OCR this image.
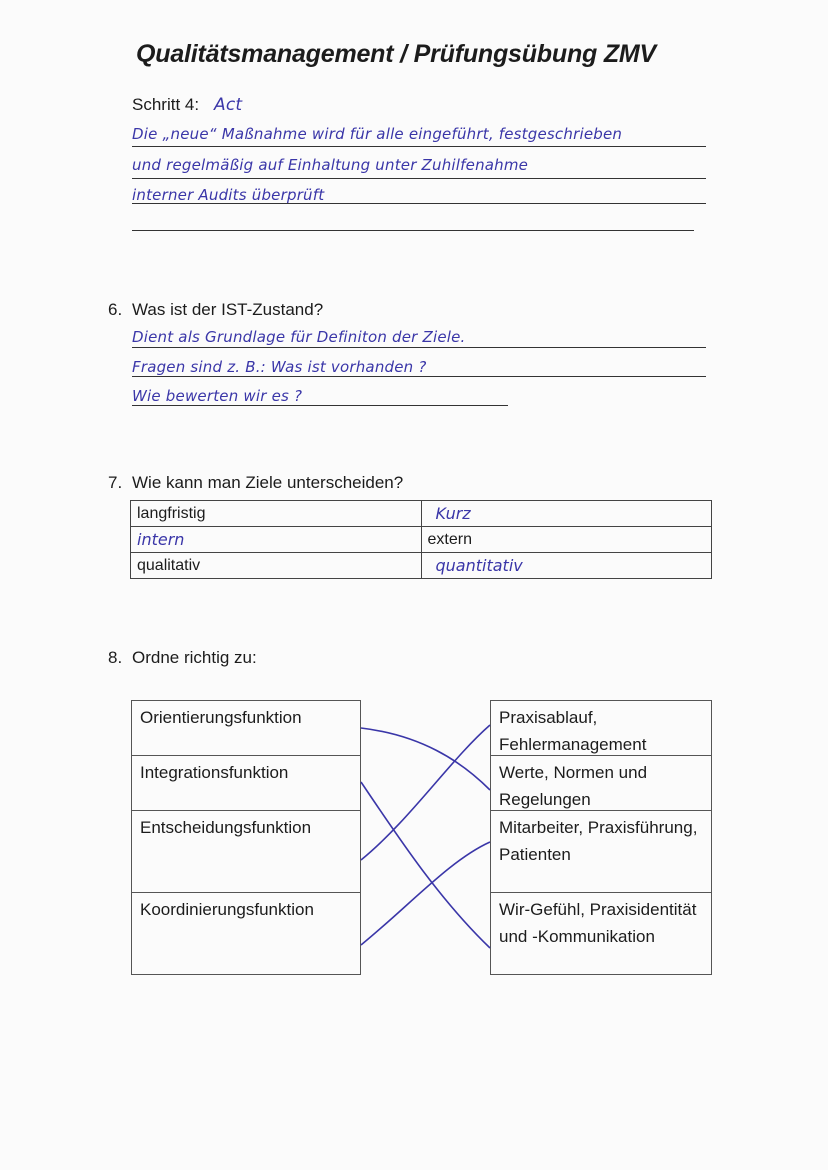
Qualitätsmanagement / Prüfungsübung ZMV
Schritt 4: Act
Die „neue“ Maßnahme wird für alle eingeführt, festgeschrieben
und regelmäßig auf Einhaltung unter Zuhilfenahme
interner Audits überprüft
6. Was ist der IST-Zustand?
Dient als Grundlage für Definiton der Ziele.
Fragen sind z. B.: Was ist vorhanden ?
Wie bewerten wir es ?
7. Wie kann man Ziele unterscheiden?
langfristig	Kurz
intern	extern
qualitativ	quantitativ
8. Ordne richtig zu:
Orientierungsfunktion
Integrationsfunktion
Entscheidungsfunktion
Koordinierungsfunktion
Praxisablauf, Fehlermanagement
Werte, Normen und Regelungen
Mitarbeiter, Praxisführung, Patienten
Wir-Gefühl, Praxisidentität und -Kommunikation
